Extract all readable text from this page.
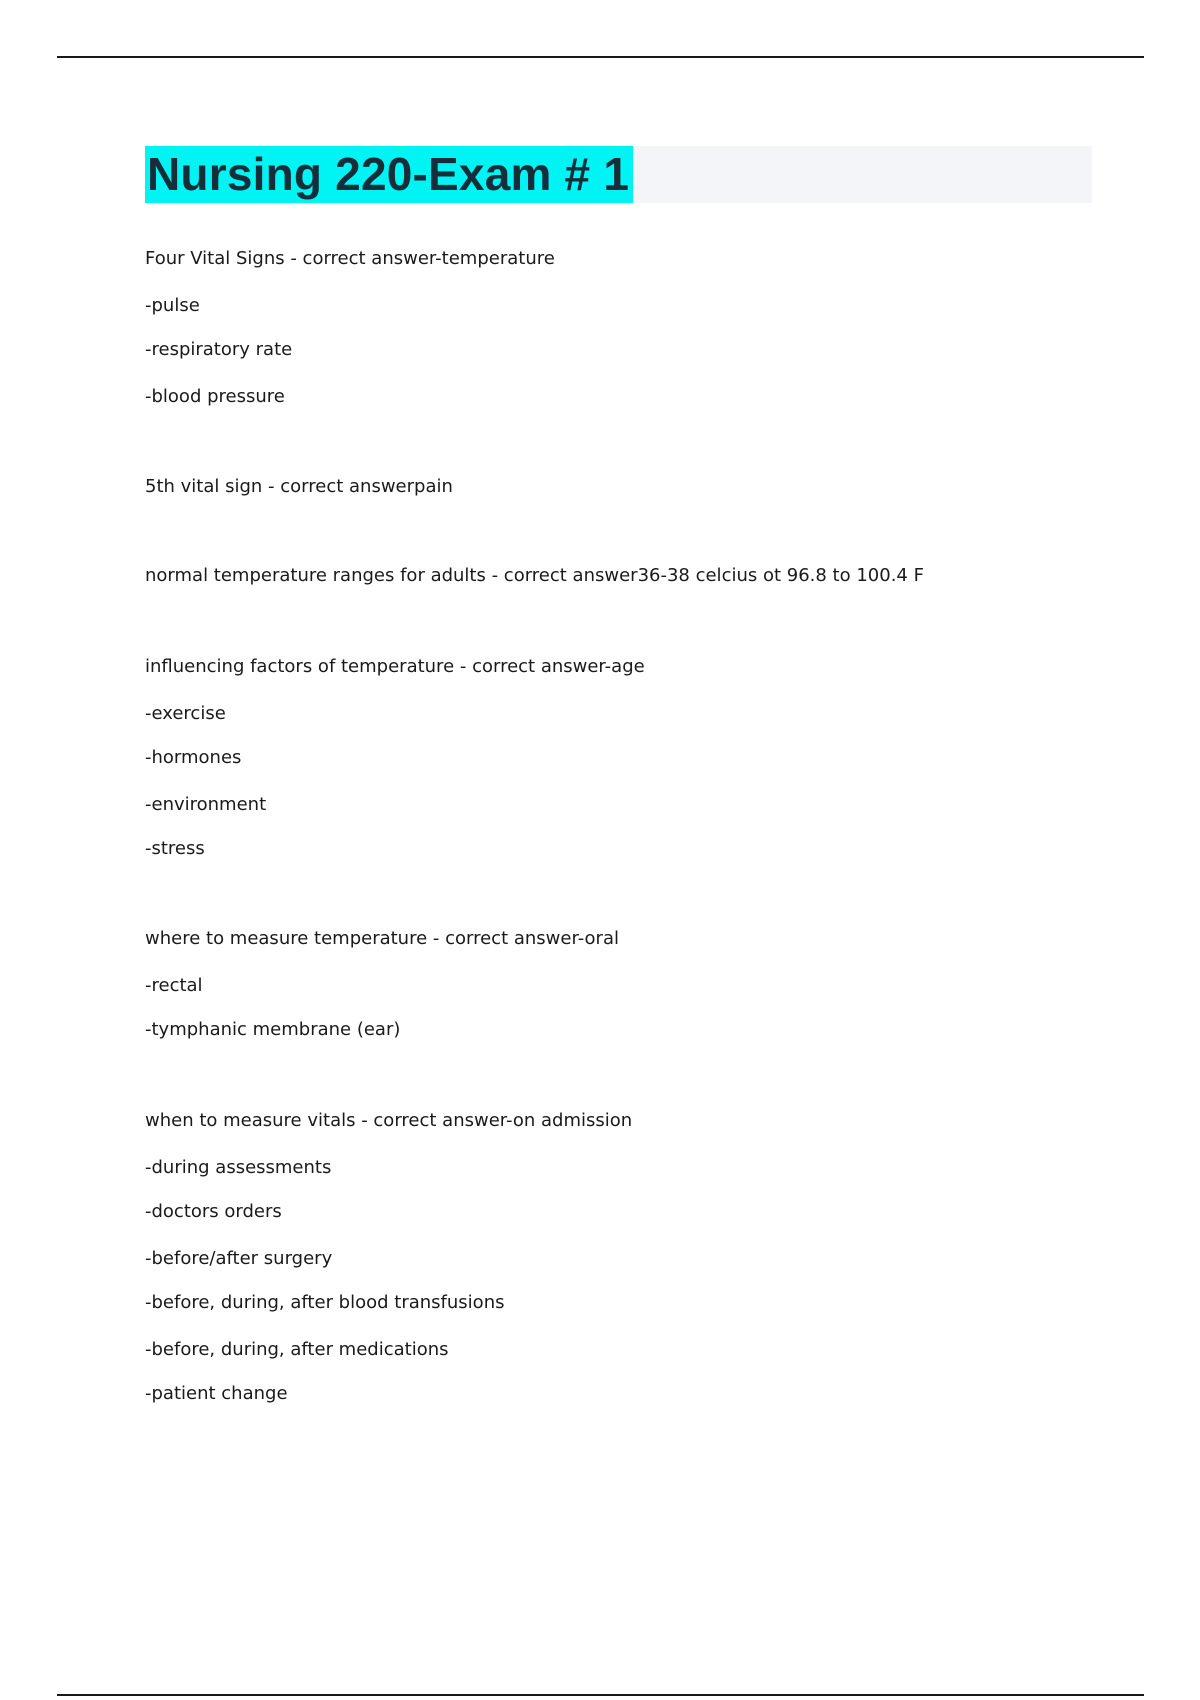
Nursing 220-Exam # 1
Four Vital Signs - correct answer-temperature
-pulse
-respiratory rate
-blood pressure
5th vital sign - correct answerpain
normal temperature ranges for adults - correct answer36-38 celcius ot 96.8 to 100.4 F
influencing factors of temperature - correct answer-age
-exercise
-hormones
-environment
-stress
where to measure temperature - correct answer-oral
-rectal
-tymphanic membrane (ear)
when to measure vitals - correct answer-on admission
-during assessments
-doctors orders
-before/after surgery
-before, during, after blood transfusions
-before, during, after medications
-patient change
